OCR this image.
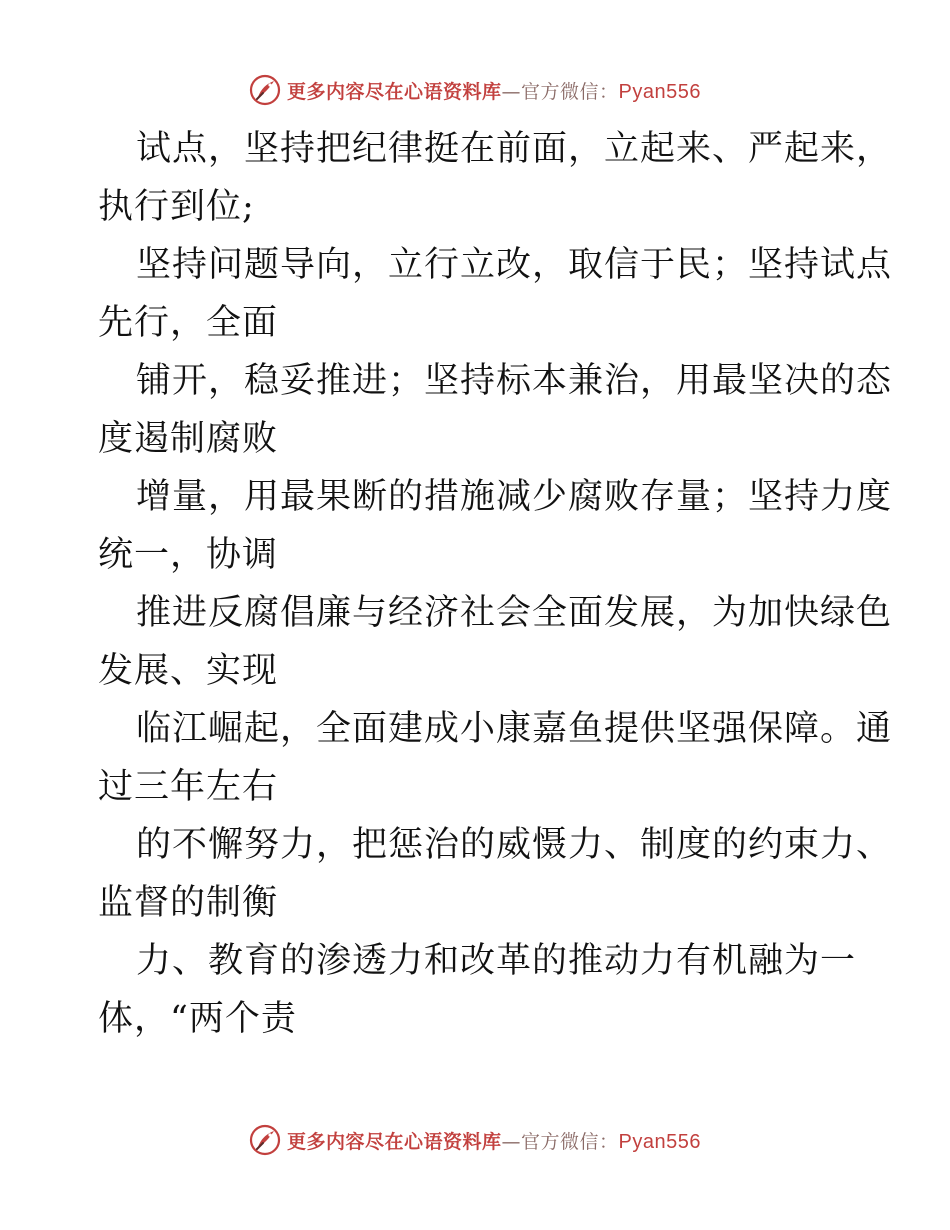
更多内容尽在心语资料库—官方微信：Pyan556
试点，坚持把纪律挺在前面，立起来、严起来，
执行到位;
坚持问题导向，立行立改，取信于民；坚持试点
先行，全面
铺开，稳妥推进；坚持标本兼治，用最坚决的态
度遏制腐败
增量，用最果断的措施减少腐败存量；坚持力度
统一，协调
推进反腐倡廉与经济社会全面发展，为加快绿色
发展、实现
临江崛起，全面建成小康嘉鱼提供坚强保障。通
过三年左右
的不懈努力，把惩治的威慑力、制度的约束力、
监督的制衡
力、教育的渗透力和改革的推动力有机融为一
体，“两个责
更多内容尽在心语资料库—官方微信：Pyan556
